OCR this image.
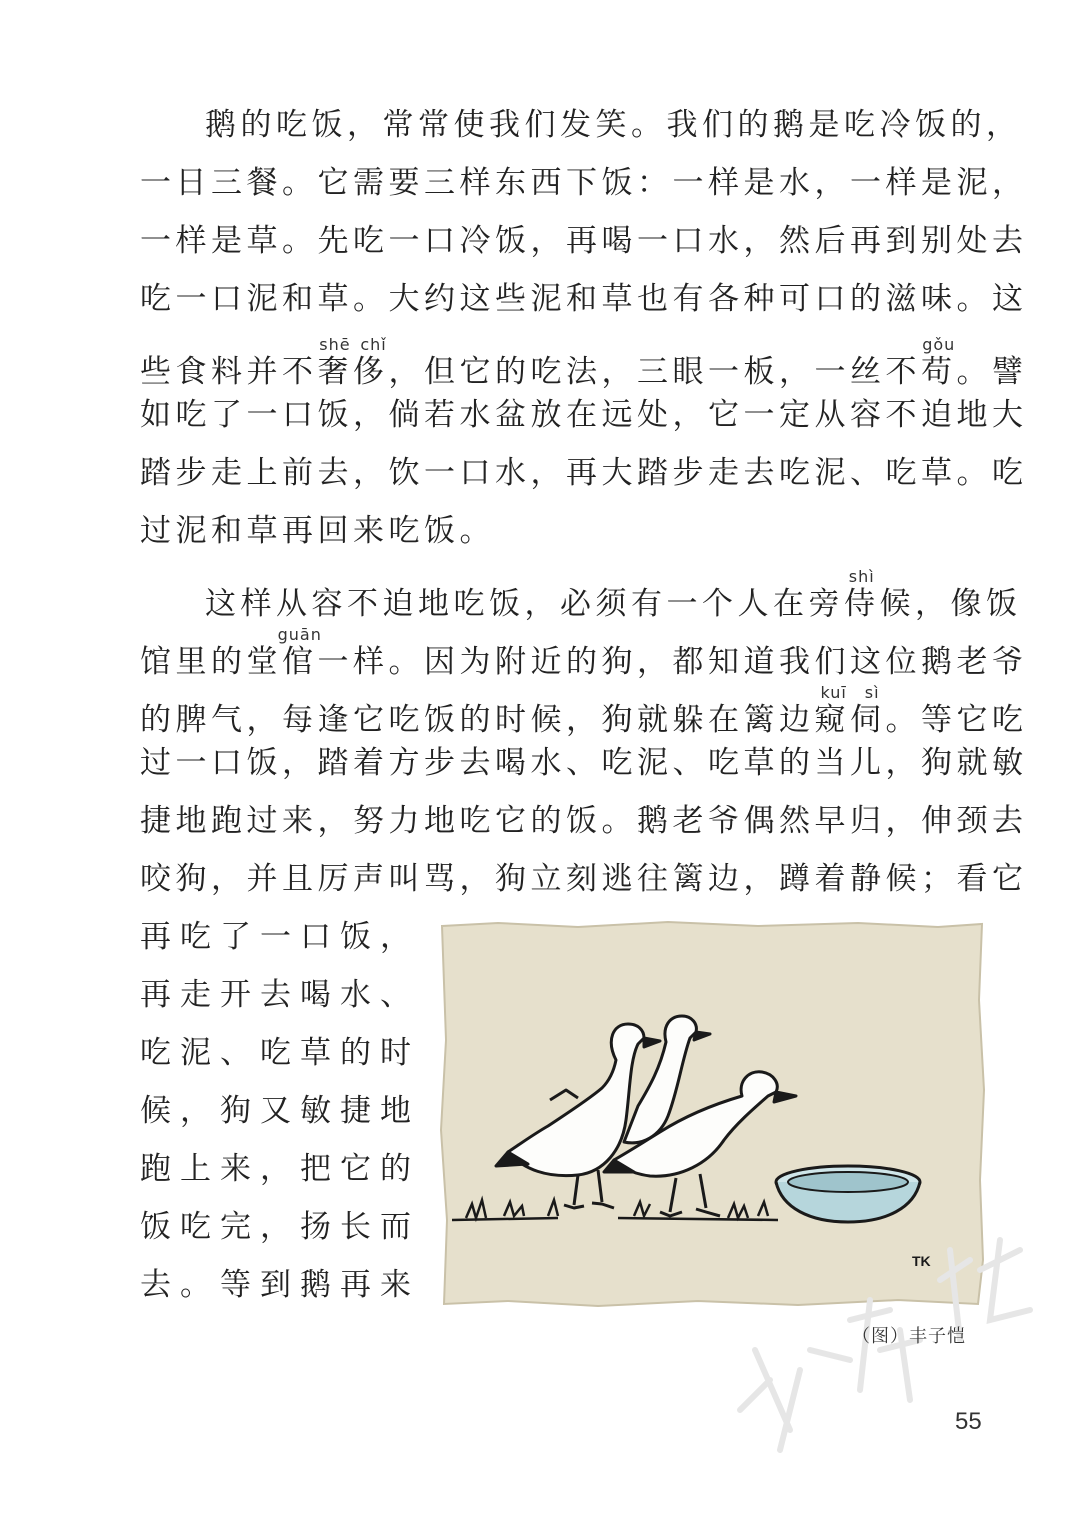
鹅的吃饭，常常使我们发笑。我们的鹅是吃冷饭的，
一日三餐。它需要三样东西下饭：一样是水，一样是泥，
一样是草。先吃一口冷饭，再喝一口水，然后再到别处去
吃一口泥和草。大约这些泥和草也有各种可口的滋味。这
些食料并不奢侈shē chǐ，但它的吃法，三眼一板，一丝不苟gǒu。譬
如吃了一口饭，倘若水盆放在远处，它一定从容不迫地大
踏步走上前去，饮一口水，再大踏步走去吃泥、吃草。吃
过泥和草再回来吃饭。
这样从容不迫地吃饭，必须有一个人在旁侍shì候，像饭
馆里的堂倌guān一样。因为附近的狗，都知道我们这位鹅老爷
的脾气，每逢它吃饭的时候，狗就躲在篱边窥伺kuī sì。等它吃
过一口饭，踏着方步去喝水、吃泥、吃草的当儿，狗就敏
捷地跑过来，努力地吃它的饭。鹅老爷偶然早归，伸颈去
咬狗，并且厉声叫骂，狗立刻逃往篱边，蹲着静候；看它
再吃了一口饭，
再走开去喝水、
吃泥、吃草的时
候，狗又敏捷地
跑上来，把它的
饭吃完，扬长而
去。等到鹅再来
TK
（图）丰子恺
55
